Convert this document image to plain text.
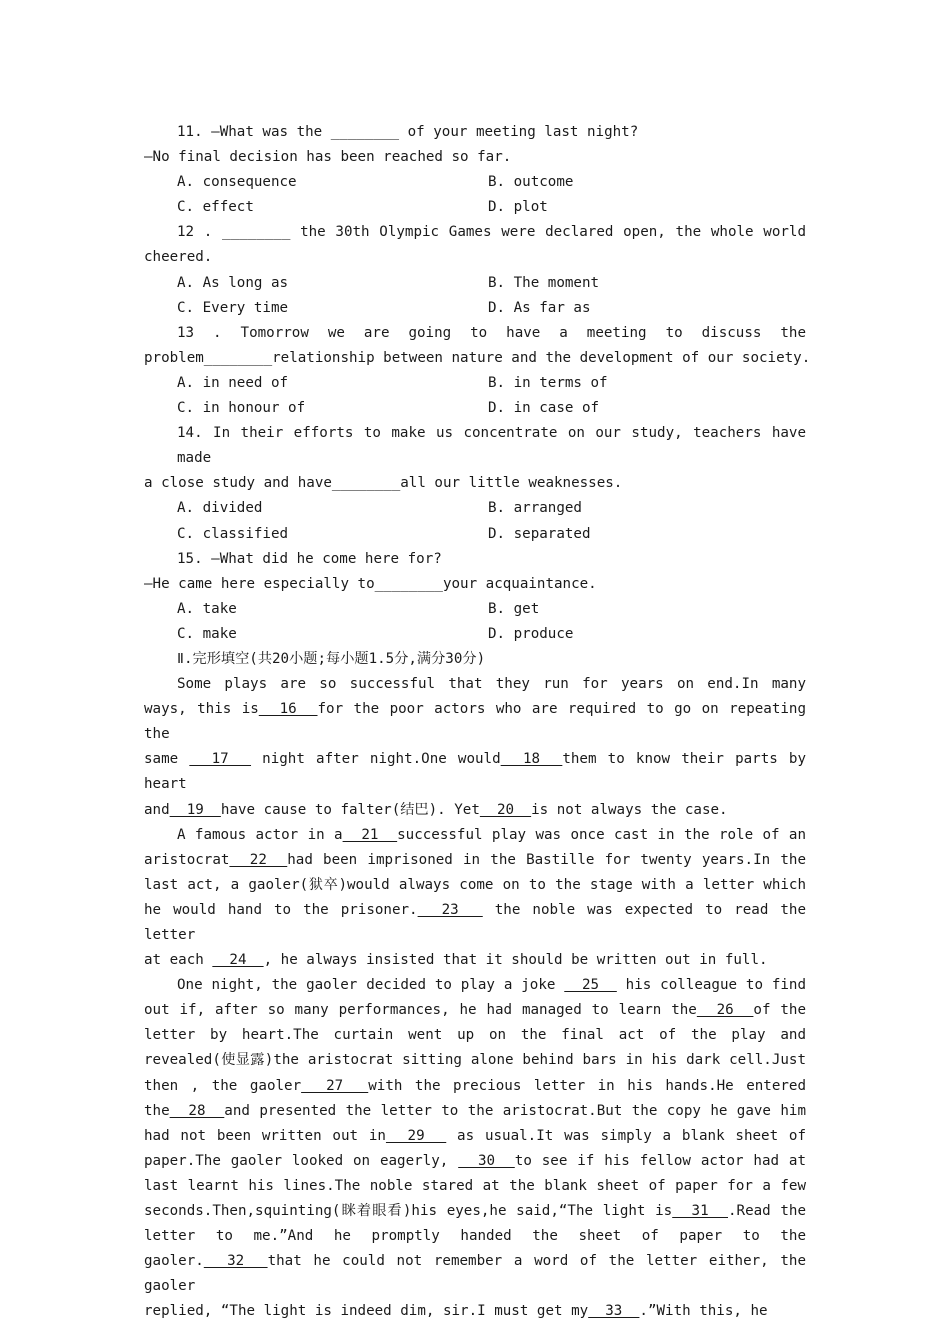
11. —What was the ________ of your meeting last night?
—No final decision has been reached so far.
A. consequence	B. outcome
C. effect	D. plot
12 . ________ the 30th Olympic Games were declared open, the whole world
cheered.
A. As long as	B. The moment
C. Every time	D. As far as
13 . Tomorrow we are going to have a meeting to discuss the
problem________relationship between nature and the development of our society.
A. in need of	B. in terms of
C. in honour of	D. in case of
14. In their efforts to make us concentrate on our study, teachers have made
a close study and have________all our little weaknesses.
A. divided	B. arranged
C. classified	D. separated
15. —What did he come here for?
—He came here especially to________your acquaintance.
A. take	B. get
C. make	D. produce
Ⅱ.完形填空(共20小题;每小题1.5分,满分30分)
Some plays are so successful that they run for years on end.In many
ways, this is  16  for the poor actors who are required to go on repeating the
same   17   night after night.One would  18  them to know their parts by heart
and  19  have cause to falter(结巴). Yet  20  is not always the case.
A famous actor in a  21  successful play was once cast in the role of an
aristocrat  22  had been imprisoned in the Bastille for twenty years.In the
last act, a gaoler(狱卒)would always come on to the stage with a letter which
he would hand to the prisoner.  23   the noble was expected to read the letter
at each   24  , he always insisted that it should be written out in full.
One night, the gaoler decided to play a joke   25   his colleague to find
out if, after so many performances, he had managed to learn the  26  of the
letter by heart.The curtain went up on the final act of the play and
revealed(使显露)the aristocrat sitting alone behind bars in his dark cell.Just
then , the gaoler  27  with the precious letter in his hands.He entered
the  28  and presented the letter to the aristocrat.But the copy he gave him
had not been written out in  29   as usual.It was simply a blank sheet of
paper.The gaoler looked on eagerly,   30  to see if his fellow actor had at
last learnt his lines.The noble stared at the blank sheet of paper for a few
seconds.Then,squinting(眯着眼看)his eyes,he said,“The light is  31  .Read the
letter to me.”And he promptly handed the sheet of paper to the
gaoler.  32  that he could not remember a word of the letter either, the gaoler
replied, “The light is indeed dim, sir.I must get my  33  .”With this, he
